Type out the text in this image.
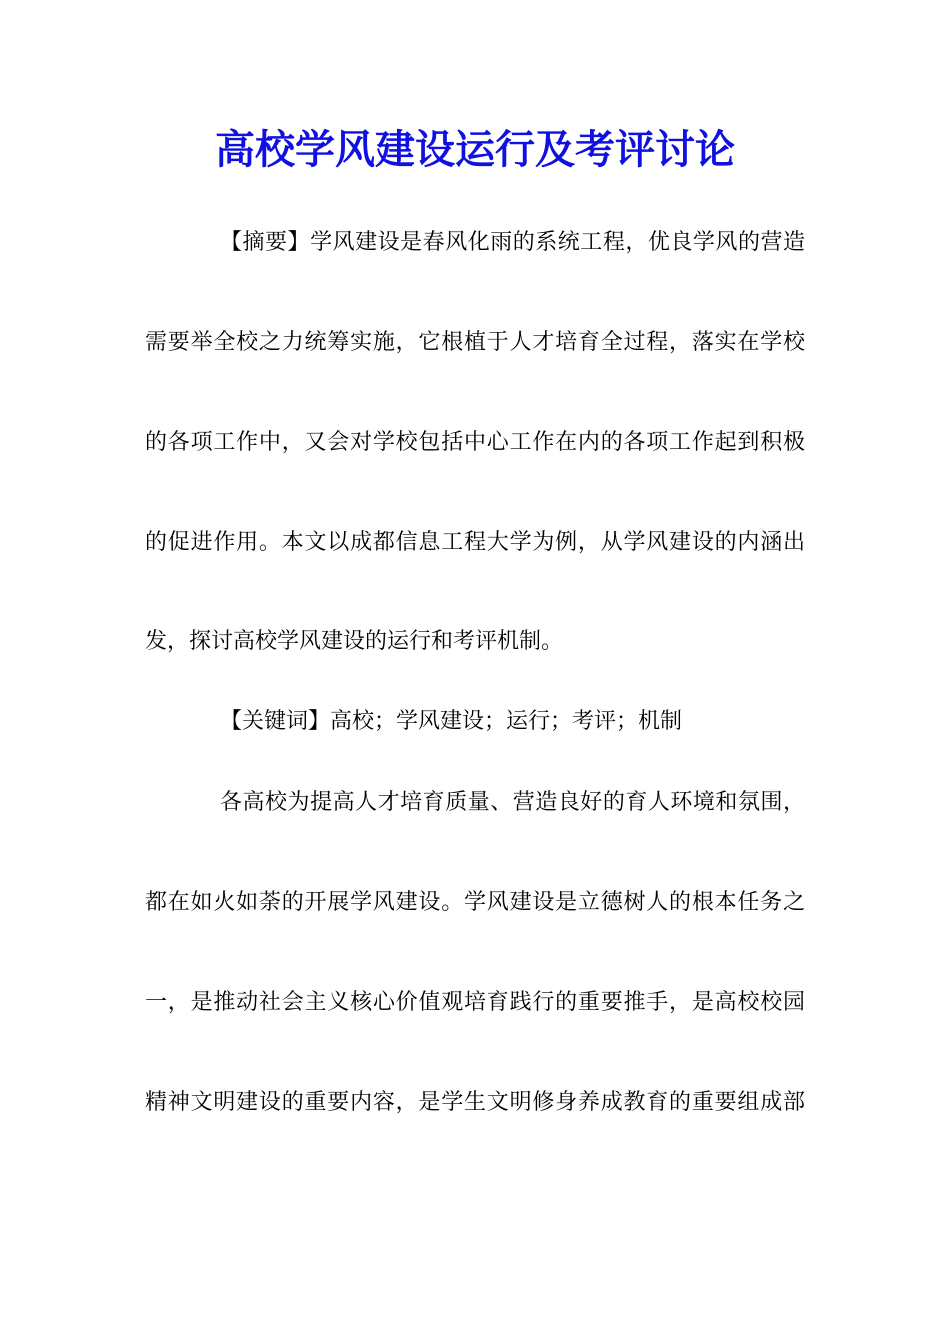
高校学风建设运行及考评讨论
【摘要】学风建设是春风化雨的系统工程，优良学风的营造
需要举全校之力统筹实施，它根植于人才培育全过程，落实在学校
的各项工作中，又会对学校包括中心工作在内的各项工作起到积极
的促进作用。本文以成都信息工程大学为例，从学风建设的内涵出
发，探讨高校学风建设的运行和考评机制。
【关键词】高校；学风建设；运行；考评；机制
各高校为提高人才培育质量、营造良好的育人环境和氛围，
都在如火如荼的开展学风建设。学风建设是立德树人的根本任务之
一，是推动社会主义核心价值观培育践行的重要推手，是高校校园
精神文明建设的重要内容，是学生文明修身养成教育的重要组成部
